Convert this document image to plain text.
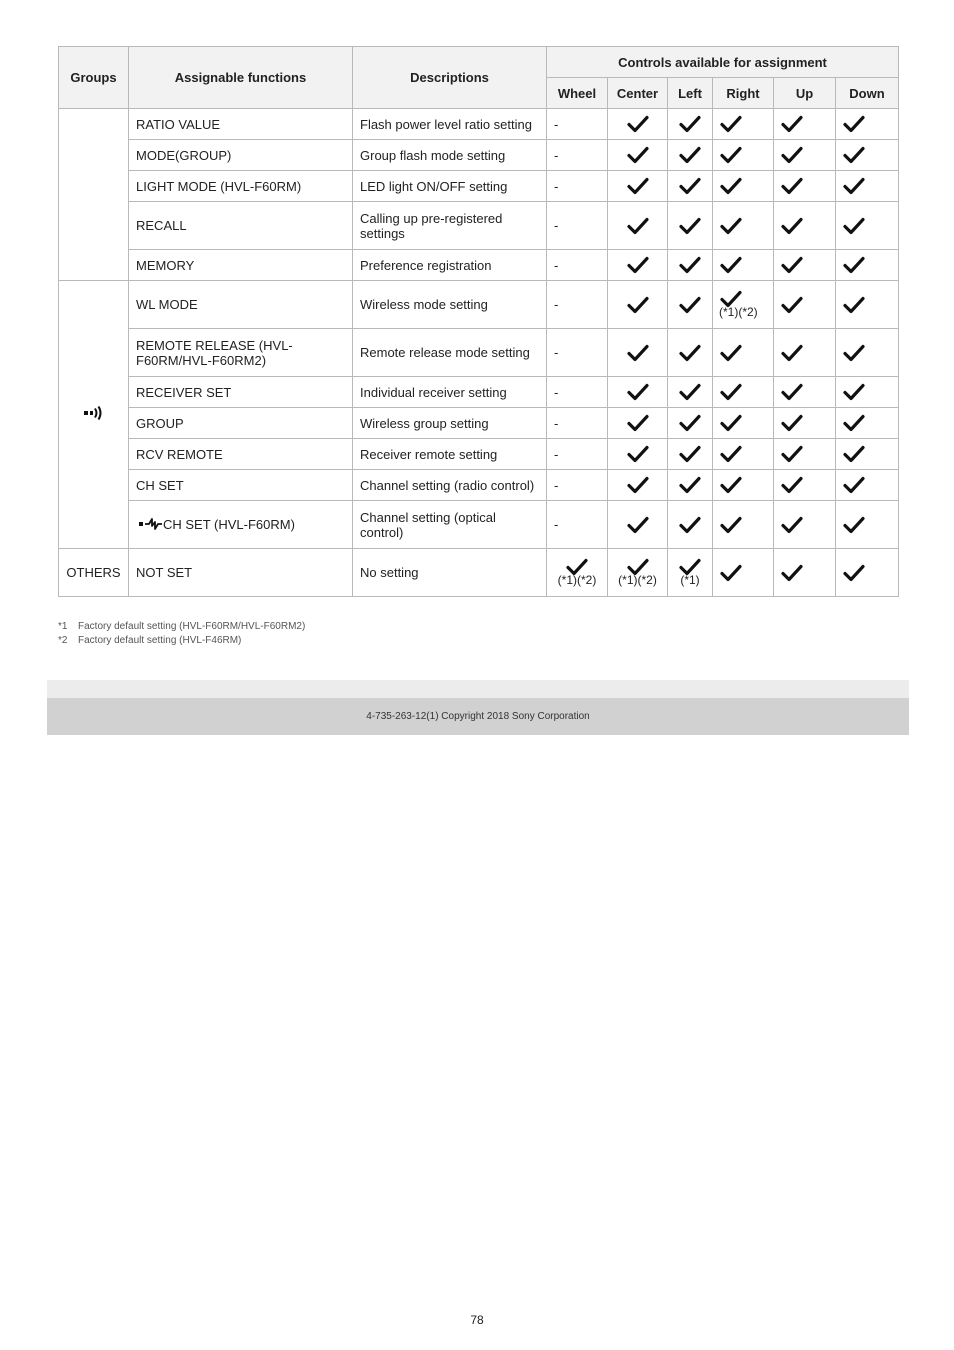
Groups	Assignable functions	Descriptions	Controls available for assignment					
			Wheel	Center	Left	Right	Up	Down
	RATIO VALUE	Flash power level ratio setting	-	

	MODE(GROUP)	Group flash mode setting	-	

	LIGHT MODE (HVL-F60RM)	LED light ON/OFF setting	-	

	RECALL	Calling up pre-registered settings	-	

	MEMORY	Preference registration	-	

	WL MODE	Wireless mode setting	-			(*1)(*2)

	REMOTE RELEASE (HVL-F60RM/HVL-F60RM2)	Remote release mode setting	-	

	RECEIVER SET	Individual receiver setting	-	

	GROUP	Wireless group setting	-	

	RCV REMOTE	Receiver remote setting	-	

	CH SET	Channel setting (radio control)	-	

	CH SET (HVL-F60RM)	Channel setting (optical control)	-	

OTHERS	NOT SET	No setting	(*1)(*2)	(*1)(*2)	(*1)

*1 Factory default setting (HVL-F60RM/HVL-F60RM2)
*2 Factory default setting (HVL-F46RM)
4-735-263-12(1) Copyright 2018 Sony Corporation
78
